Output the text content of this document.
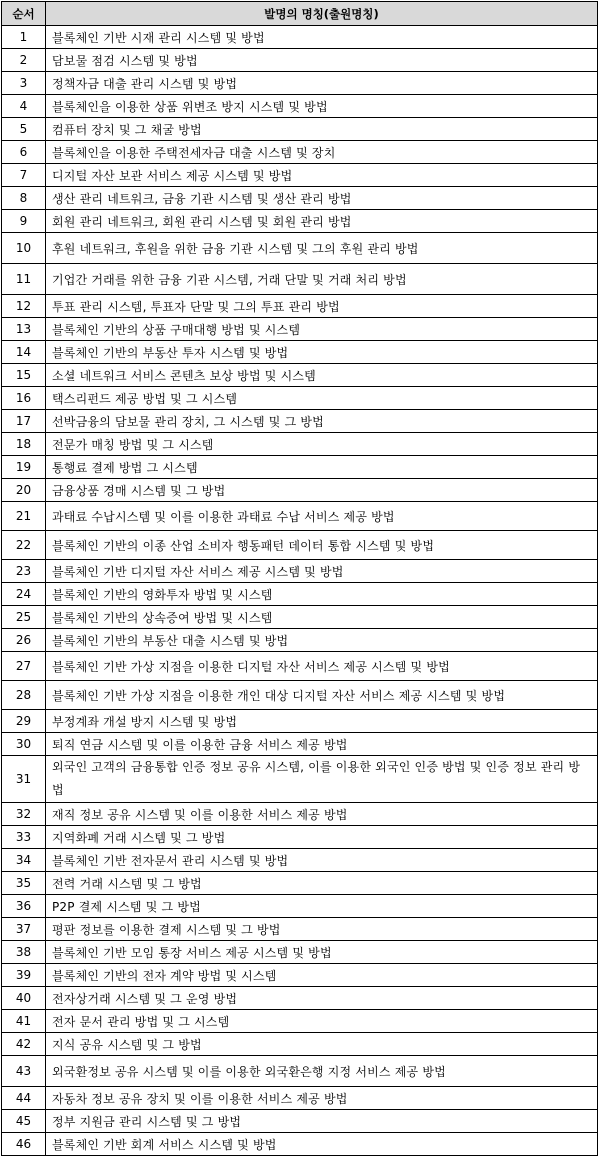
순서	발명의 명칭(출원명칭)
1	블록체인 기반 시재 관리 시스템 및 방법
2	담보물 점검 시스템 및 방법
3	정책자금 대출 관리 시스템 및 방법
4	블록체인을 이용한 상품 위변조 방지 시스템 및 방법
5	컴퓨터 장치 및 그 채굴 방법
6	블록체인을 이용한 주택전세자금 대출 시스템 및 장치
7	디지털 자산 보관 서비스 제공 시스템 및 방법
8	생산 관리 네트워크, 금융 기관 시스템 및 생산 관리 방법
9	회원 관리 네트워크, 회원 관리 시스템 및 회원 관리 방법
10	후원 네트워크, 후원을 위한 금융 기관 시스템 및 그의 후원 관리 방법
11	기업간 거래를 위한 금융 기관 시스템, 거래 단말 및 거래 처리 방법
12	투표 관리 시스템, 투표자 단말 및 그의 투표 관리 방법
13	블록체인 기반의 상품 구매대행 방법 및 시스템
14	블록체인 기반의 부동산 투자 시스템 및 방법
15	소셜 네트워크 서비스 콘텐츠 보상 방법 및 시스템
16	택스리펀드 제공 방법 및 그 시스템
17	선박금융의 담보물 관리 장치, 그 시스템 및 그 방법
18	전문가 매칭 방법 및 그 시스템
19	통행료 결제 방법 그 시스템
20	금융상품 경매 시스템 및 그 방법
21	과태료 수납시스템 및 이를 이용한 과태료 수납 서비스 제공 방법
22	블록체인 기반의 이종 산업 소비자 행동패턴 데이터 통합 시스템 및 방법
23	블록체인 기반 디지털 자산 서비스 제공 시스템 및 방법
24	블록체인 기반의 영화투자 방법 및 시스템
25	블록체인 기반의 상속증여 방법 및 시스템
26	블록체인 기반의 부동산 대출 시스템 및 방법
27	블록체인 기반 가상 지점을 이용한 디지털 자산 서비스 제공 시스템 및 방법
28	블록체인 기반 가상 지점을 이용한 개인 대상 디지털 자산 서비스 제공 시스템 및 방법
29	부정계좌 개설 방지 시스템 및 방법
30	퇴직 연금 시스템 및 이를 이용한 금융 서비스 제공 방법
31	외국인 고객의 금융통합 인증 정보 공유 시스템, 이를 이용한 외국인 인증 방법 및 인증 정보 관리 방법
32	재직 정보 공유 시스템 및 이를 이용한 서비스 제공 방법
33	지역화폐 거래 시스템 및 그 방법
34	블록체인 기반 전자문서 관리 시스템 및 방법
35	전력 거래 시스템 및 그 방법
36	P2P 결제 시스템 및 그 방법
37	평판 정보를 이용한 결제 시스템 및 그 방법
38	블록체인 기반 모임 통장 서비스 제공 시스템 및 방법
39	블록체인 기반의 전자 계약 방법 및 시스템
40	전자상거래 시스템 및 그 운영 방법
41	전자 문서 관리 방법 및 그 시스템
42	지식 공유 시스템 및 그 방법
43	외국환정보 공유 시스템 및 이를 이용한 외국환은행 지정 서비스 제공 방법
44	자동차 정보 공유 장치 및 이를 이용한 서비스 제공 방법
45	정부 지원금 관리 시스템 및 그 방법
46	블록체인 기반 회계 서비스 시스템 및 방법
